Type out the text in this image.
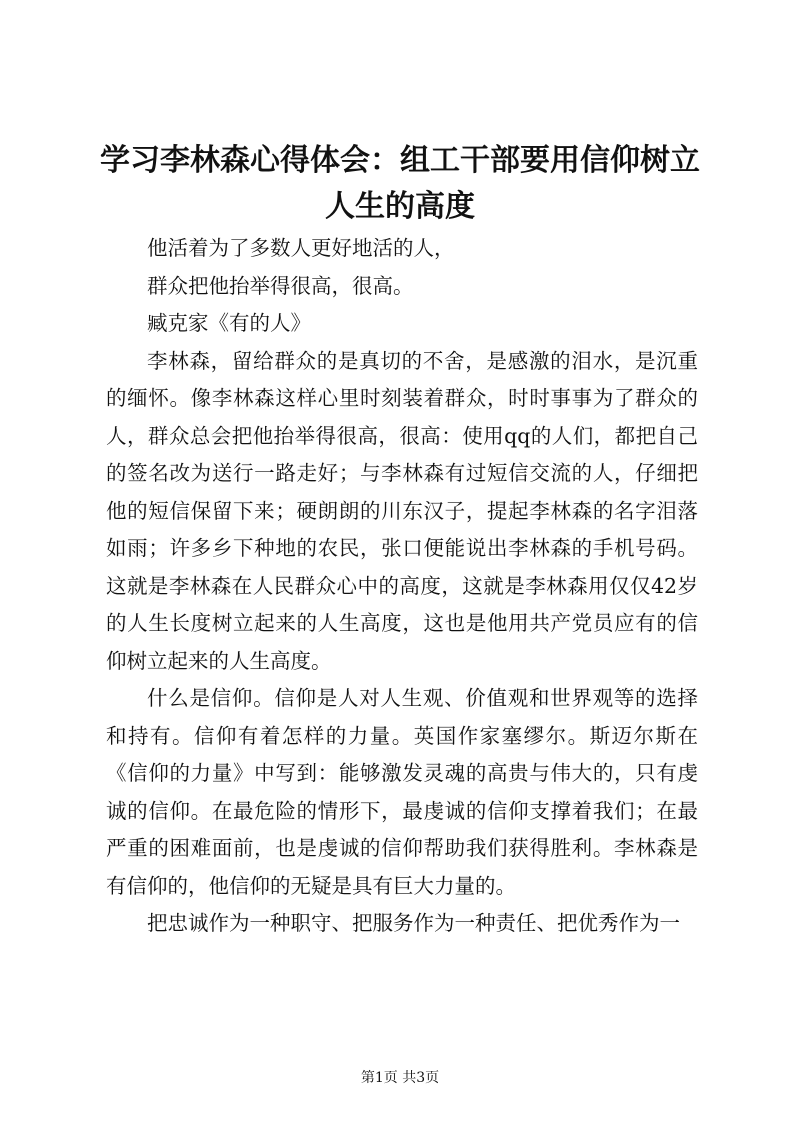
学习李林森心得体会：组工干部要用信仰树立人生的高度

他活着为了多数人更好地活的人，

群众把他抬举得很高，很高。

臧克家《有的人》

李林森，留给群众的是真切的不舍，是感激的泪水，是沉重的缅怀。像李林森这样心里时刻装着群众，时时事事为了群众的人，群众总会把他抬举得很高，很高：使用qq的人们，都把自己的签名改为送行一路走好；与李林森有过短信交流的人，仔细把他的短信保留下来；硬朗朗的川东汉子，提起李林森的名字泪落如雨；许多乡下种地的农民，张口便能说出李林森的手机号码。这就是李林森在人民群众心中的高度，这就是李林森用仅仅42岁的人生长度树立起来的人生高度，这也是他用共产党员应有的信仰树立起来的人生高度。

什么是信仰。信仰是人对人生观、价值观和世界观等的选择和持有。信仰有着怎样的力量。英国作家塞缪尔。斯迈尔斯在《信仰的力量》中写到：能够激发灵魂的高贵与伟大的，只有虔诚的信仰。在最危险的情形下，最虔诚的信仰支撑着我们；在最严重的困难面前，也是虔诚的信仰帮助我们获得胜利。李林森是有信仰的，他信仰的无疑是具有巨大力量的。

把忠诚作为一种职守、把服务作为一种责任、把优秀作为一

第1页 共3页
